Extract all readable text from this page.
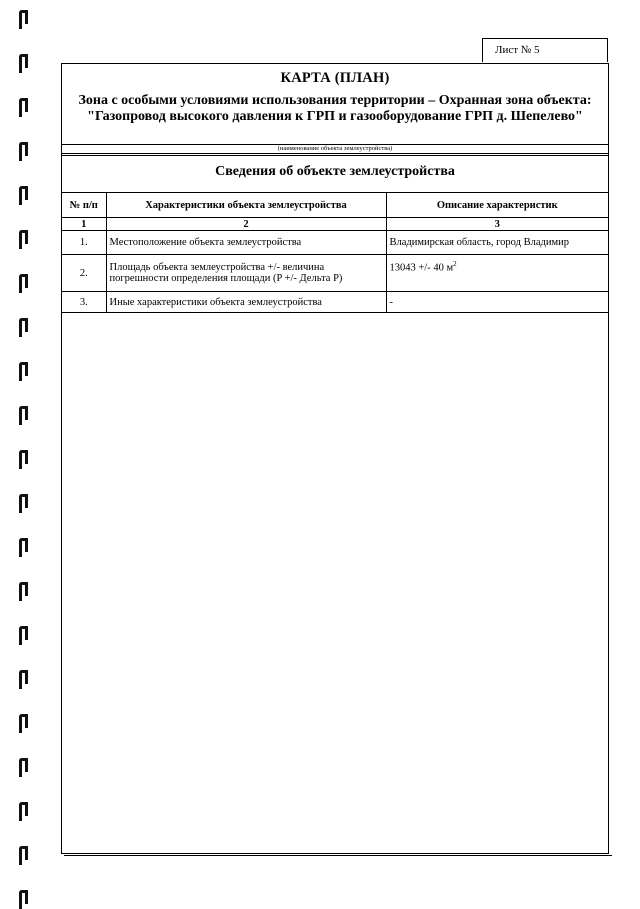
Лист № 5
КАРТА (ПЛАН)
Зона с особыми условиями использования территории – Охранная зона объекта: "Газопровод высокого давления к ГРП и газооборудование ГРП д. Шепелево"
(наименование объекта землеустройства)
Сведения об объекте землеустройства
№ п/п	Характеристики объекта землеустройства	Описание характеристик
1	2	3
1.	Местоположение объекта землеустройства	Владимирская область, город Владимир
2.	Площадь объекта землеустройства +/- величина погрешности определения площади (P +/- Дельта P)	13043 +/- 40 $м^2$
3.	Иные характеристики объекта землеустройства	-
